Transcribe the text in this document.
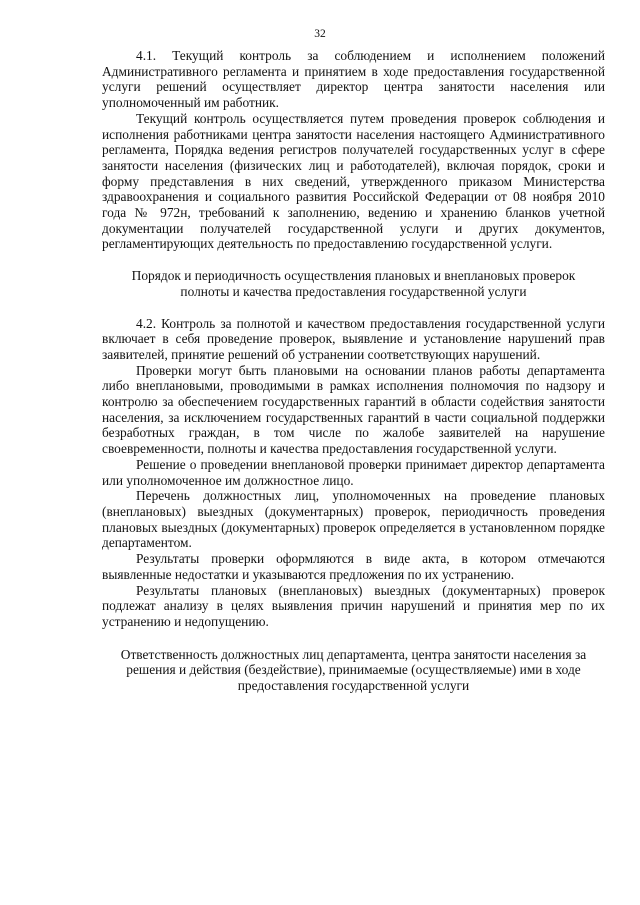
32

4.1. Текущий контроль за соблюдением и исполнением положений Административного регламента и принятием в ходе предоставления государственной услуги решений осуществляет директор центра занятости населения или уполномоченный им работник.

Текущий контроль осуществляется путем проведения проверок соблюдения и исполнения работниками центра занятости населения настоящего Административного регламента, Порядка ведения регистров получателей государственных услуг в сфере занятости населения (физических лиц и работодателей), включая порядок, сроки и форму представления в них сведений, утвержденного приказом Министерства здравоохранения и социального развития Российской Федерации от 08 ноября 2010 года № 972н, требований к заполнению, ведению и хранению бланков учетной документации получателей государственной услуги и других документов, регламентирующих деятельность по предоставлению государственной услуги.

Порядок и периодичность осуществления плановых и внеплановых проверок полноты и качества предоставления государственной услуги

4.2. Контроль за полнотой и качеством предоставления государственной услуги включает в себя проведение проверок, выявление и установление нарушений прав заявителей, принятие решений об устранении соответствующих нарушений.

Проверки могут быть плановыми на основании планов работы департамента либо внеплановыми, проводимыми в рамках исполнения полномочия по надзору и контролю за обеспечением государственных гарантий в области содействия занятости населения, за исключением государственных гарантий в части социальной поддержки безработных граждан, в том числе по жалобе заявителей на нарушение своевременности, полноты и качества предоставления государственной услуги.

Решение о проведении внеплановой проверки принимает директор департамента или уполномоченное им должностное лицо.

Перечень должностных лиц, уполномоченных на проведение плановых (внеплановых) выездных (документарных) проверок, периодичность проведения плановых выездных (документарных) проверок определяется в установленном порядке департаментом.

Результаты проверки оформляются в виде акта, в котором отмечаются выявленные недостатки и указываются предложения по их устранению.

Результаты плановых (внеплановых) выездных (документарных) проверок подлежат анализу в целях выявления причин нарушений и принятия мер по их устранению и недопущению.

Ответственность должностных лиц департамента, центра занятости населения за решения и действия (бездействие), принимаемые (осуществляемые) ими в ходе предоставления государственной услуги
